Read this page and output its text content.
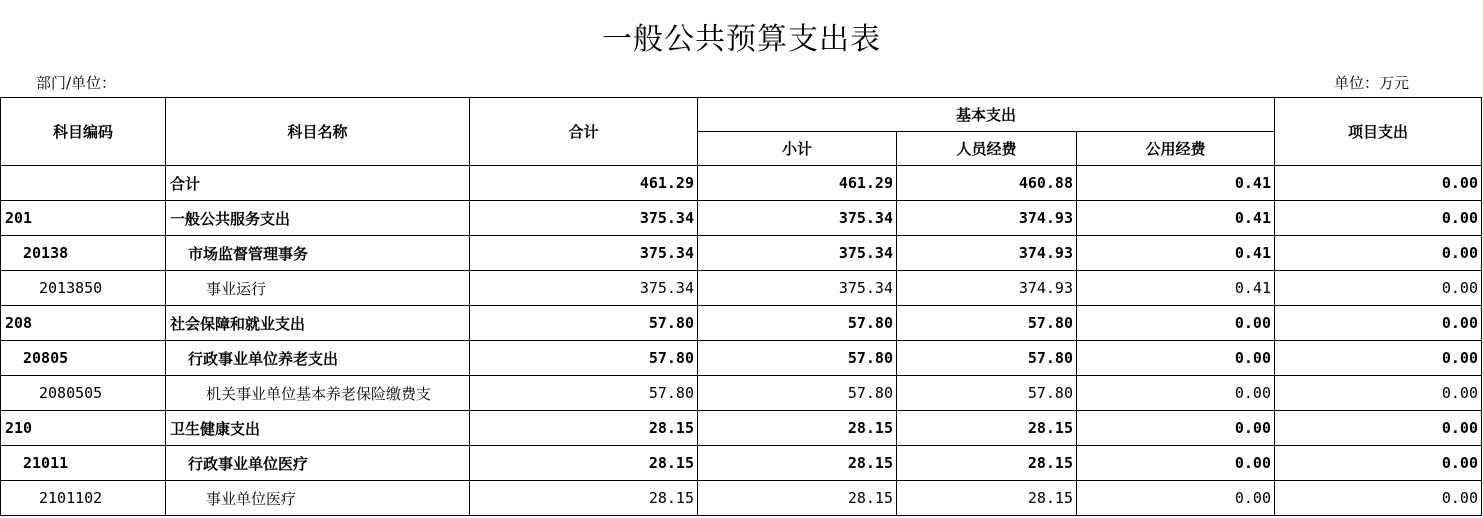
一般公共预算支出表
部门/单位：	单位：万元
科目编码	科目名称	合计	基本支出			项目支出
			小计	人员经费	公用经费	
	合计	461.29	461.29	460.88	0.41	0.00
201	一般公共服务支出	375.34	375.34	374.93	0.41	0.00
20138	市场监督管理事务	375.34	375.34	374.93	0.41	0.00
2013850	事业运行	375.34	375.34	374.93	0.41	0.00
208	社会保障和就业支出	57.80	57.80	57.80	0.00	0.00
20805	行政事业单位养老支出	57.80	57.80	57.80	0.00	0.00
2080505	机关事业单位基本养老保险缴费支	57.80	57.80	57.80	0.00	0.00
210	卫生健康支出	28.15	28.15	28.15	0.00	0.00
21011	行政事业单位医疗	28.15	28.15	28.15	0.00	0.00
2101102	事业单位医疗	28.15	28.15	28.15	0.00	0.00
